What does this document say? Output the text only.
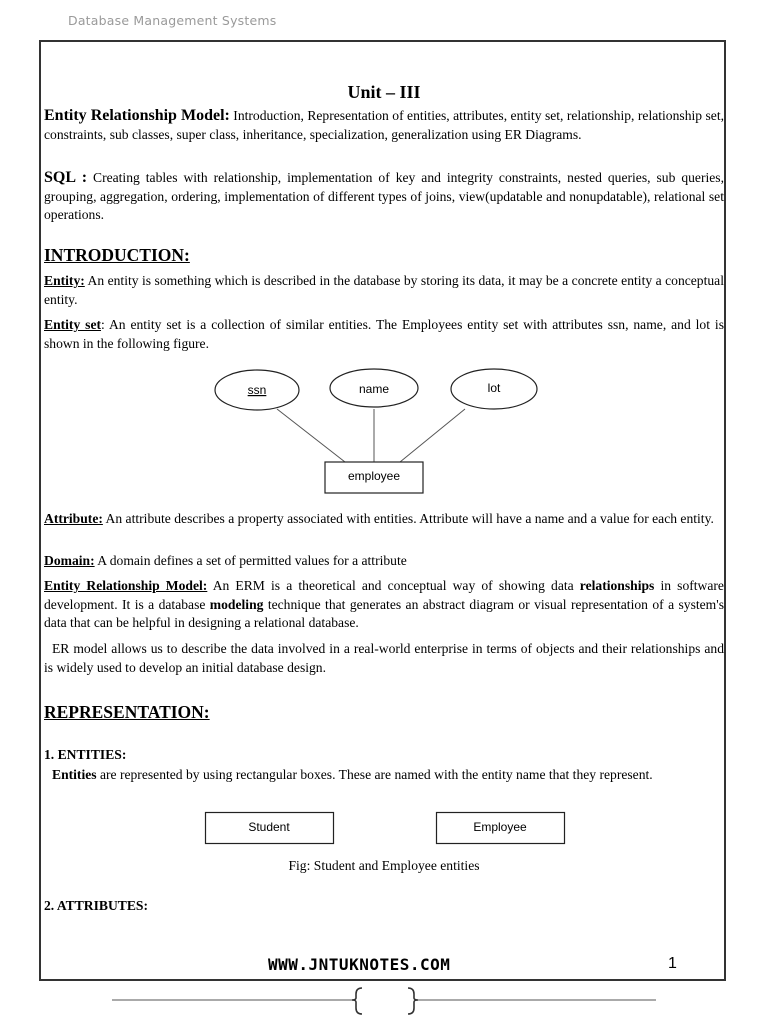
Database Management Systems
Unit – III
Entity Relationship Model: Introduction, Representation of entities, attributes, entity set, relationship, relationship set, constraints, sub classes, super class, inheritance, specialization, generalization using ER Diagrams.
SQL : Creating tables with relationship, implementation of key and integrity constraints, nested queries, sub queries, grouping, aggregation, ordering, implementation of different types of joins, view(updatable and nonupdatable), relational set operations.
INTRODUCTION:
Entity: An entity is something which is described in the database by storing its data, it may be a concrete entity a conceptual entity.
Entity set: An entity set is a collection of similar entities. The Employees entity set with attributes ssn, name, and lot is shown in the following figure.
ssn	name	lot
employee
Attribute: An attribute describes a property associated with entities. Attribute will have a name and a value for each entity.
Domain: A domain defines a set of permitted values for a attribute
Entity Relationship Model: An ERM is a theoretical and conceptual way of showing data relationships in software development. It is a database modeling technique that generates an abstract diagram or visual representation of a system's data that can be helpful in designing a relational database.
ER model allows us to describe the data involved in a real-world enterprise in terms of objects and their relationships and is widely used to develop an initial database design.
REPRESENTATION:
1. ENTITIES:
Entities are represented by using rectangular boxes. These are named with the entity name that they represent.
Student	Employee
Fig: Student and Employee entities
2. ATTRIBUTES:
WWW.JNTUKNOTES.COM	1
